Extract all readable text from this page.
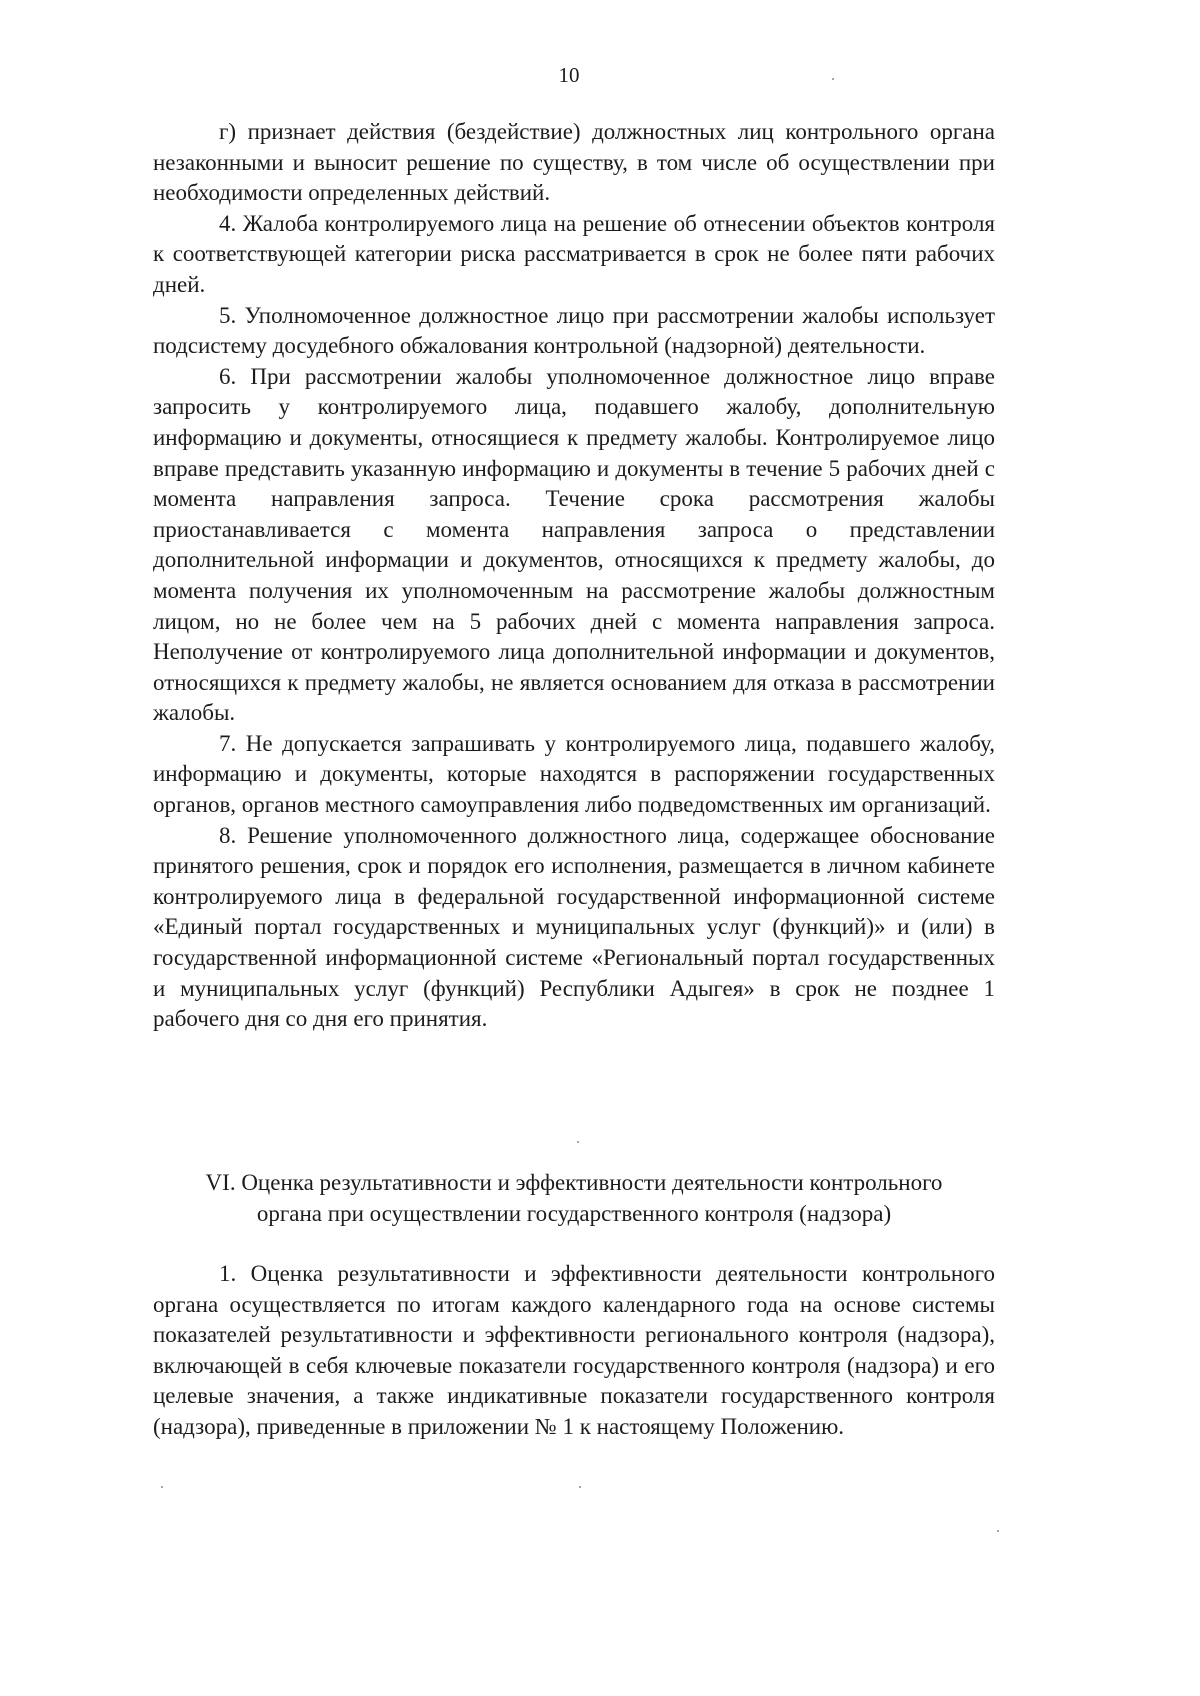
10

г) признает действия (бездействие) должностных лиц контрольного органа незаконными и выносит решение по существу, в том числе об осуществлении при необходимости определенных действий.

4. Жалоба контролируемого лица на решение об отнесении объектов контроля к соответствующей категории риска рассматривается в срок не более пяти рабочих дней.

5. Уполномоченное должностное лицо при рассмотрении жалобы использует подсистему досудебного обжалования контрольной (надзорной) деятельности.

6. При рассмотрении жалобы уполномоченное должностное лицо вправе запросить у контролируемого лица, подавшего жалобу, дополнительную информацию и документы, относящиеся к предмету жалобы. Контролируемое лицо вправе представить указанную информацию и документы в течение 5 рабочих дней с момента направления запроса. Течение срока рассмотрения жалобы приостанавливается с момента направления запроса о представлении дополнительной информации и документов, относящихся к предмету жалобы, до момента получения их уполномоченным на рассмотрение жалобы должностным лицом, но не более чем на 5 рабочих дней с момента направления запроса. Неполучение от контролируемого лица дополнительной информации и документов, относящихся к предмету жалобы, не является основанием для отказа в рассмотрении жалобы.

7. Не допускается запрашивать у контролируемого лица, подавшего жалобу, информацию и документы, которые находятся в распоряжении государственных органов, органов местного самоуправления либо подведомственных им организаций.

8. Решение уполномоченного должностного лица, содержащее обоснование принятого решения, срок и порядок его исполнения, размещается в личном кабинете контролируемого лица в федеральной государственной информационной системе «Единый портал государственных и муниципальных услуг (функций)» и (или) в государственной информационной системе «Региональный портал государственных и муниципальных услуг (функций) Республики Адыгея» в срок не позднее 1 рабочего дня со дня его принятия.

VI. Оценка результативности и эффективности деятельности контрольного
органа при осуществлении государственного контроля (надзора)

1. Оценка результативности и эффективности деятельности контрольного органа осуществляется по итогам каждого календарного года на основе системы показателей результативности и эффективности регионального контроля (надзора), включающей в себя ключевые показатели государственного контроля (надзора) и его целевые значения, а также индикативные показатели государственного контроля (надзора), приведенные в приложении № 1 к настоящему Положению.
